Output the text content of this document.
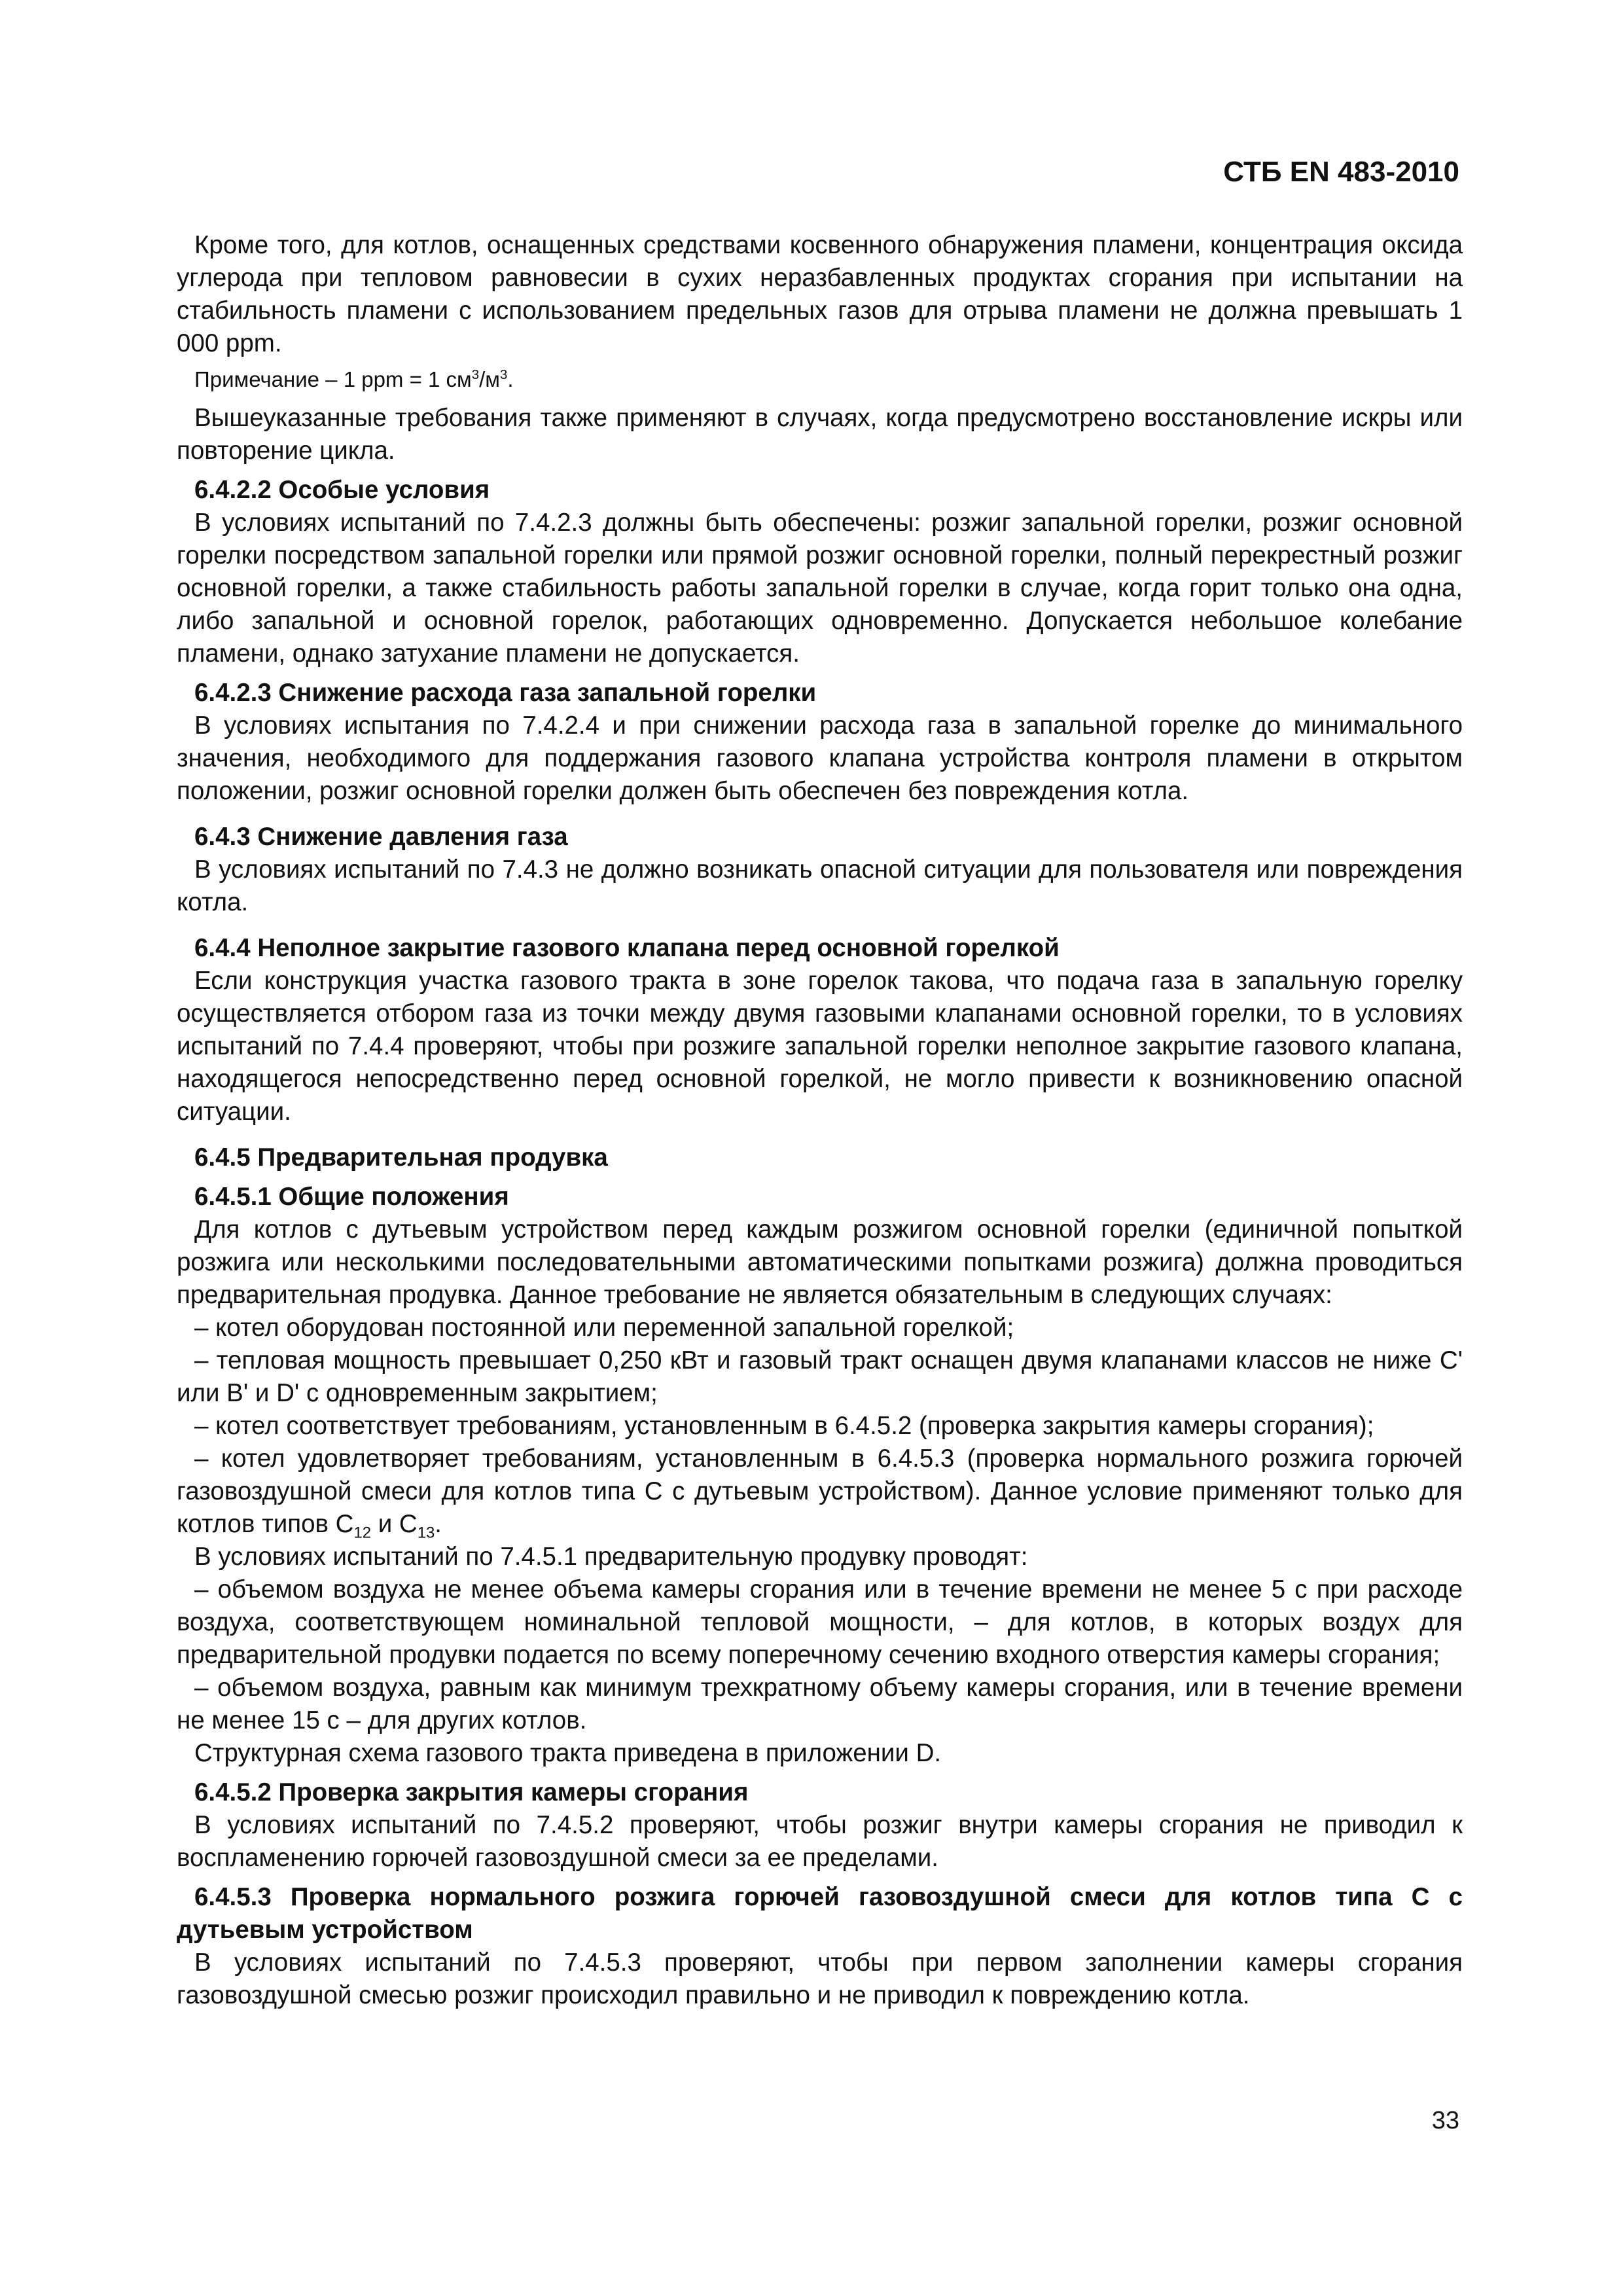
СТБ EN 483-2010

Кроме того, для котлов, оснащенных средствами косвенного обнаружения пламени, концентрация оксида углерода при тепловом равновесии в сухих неразбавленных продуктах сгорания при испытании на стабильность пламени с использованием предельных газов для отрыва пламени не должна превышать 1 000 ppm.

Примечание – 1 ppm = 1 $см^3/м^3$.

Вышеуказанные требования также применяют в случаях, когда предусмотрено восстановление искры или повторение цикла.

6.4.2.2 Особые условия

В условиях испытаний по 7.4.2.3 должны быть обеспечены: розжиг запальной горелки, розжиг основной горелки посредством запальной горелки или прямой розжиг основной горелки, полный перекрестный розжиг основной горелки, а также стабильность работы запальной горелки в случае, когда горит только она одна, либо запальной и основной горелок, работающих одновременно. Допускается небольшое колебание пламени, однако затухание пламени не допускается.

6.4.2.3 Снижение расхода газа запальной горелки

В условиях испытания по 7.4.2.4 и при снижении расхода газа в запальной горелке до минимального значения, необходимого для поддержания газового клапана устройства контроля пламени в открытом положении, розжиг основной горелки должен быть обеспечен без повреждения котла.

6.4.3 Снижение давления газа

В условиях испытаний по 7.4.3 не должно возникать опасной ситуации для пользователя или повреждения котла.

6.4.4 Неполное закрытие газового клапана перед основной горелкой

Если конструкция участка газового тракта в зоне горелок такова, что подача газа в запальную горелку осуществляется отбором газа из точки между двумя газовыми клапанами основной горелки, то в условиях испытаний по 7.4.4 проверяют, чтобы при розжиге запальной горелки неполное закрытие газового клапана, находящегося непосредственно перед основной горелкой, не могло привести к возникновению опасной ситуации.

6.4.5 Предварительная продувка

6.4.5.1 Общие положения

Для котлов с дутьевым устройством перед каждым розжигом основной горелки (единичной попыткой розжига или несколькими последовательными автоматическими попытками розжига) должна проводиться предварительная продувка. Данное требование не является обязательным в следующих случаях:

– котел оборудован постоянной или переменной запальной горелкой;

– тепловая мощность превышает 0,250 кВт и газовый тракт оснащен двумя клапанами классов не ниже C' или B' и D' с одновременным закрытием;

– котел соответствует требованиям, установленным в 6.4.5.2 (проверка закрытия камеры сгорания);

– котел удовлетворяет требованиям, установленным в 6.4.5.3 (проверка нормального розжига горючей газовоздушной смеси для котлов типа С с дутьевым устройством). Данное условие применяют только для котлов типов $C_{12}$ и $C_{13}$.

В условиях испытаний по 7.4.5.1 предварительную продувку проводят:

– объемом воздуха не менее объема камеры сгорания или в течение времени не менее 5 с при расходе воздуха, соответствующем номинальной тепловой мощности, – для котлов, в которых воздух для предварительной продувки подается по всему поперечному сечению входного отверстия камеры сгорания;

– объемом воздуха, равным как минимум трехкратному объему камеры сгорания, или в течение времени не менее 15 с – для других котлов.

Структурная схема газового тракта приведена в приложении D.

6.4.5.2 Проверка закрытия камеры сгорания

В условиях испытаний по 7.4.5.2 проверяют, чтобы розжиг внутри камеры сгорания не приводил к воспламенению горючей газовоздушной смеси за ее пределами.

6.4.5.3 Проверка нормального розжига горючей газовоздушной смеси для котлов типа С с дутьевым устройством

В условиях испытаний по 7.4.5.3 проверяют, чтобы при первом заполнении камеры сгорания газовоздушной смесью розжиг происходил правильно и не приводил к повреждению котла.

33
